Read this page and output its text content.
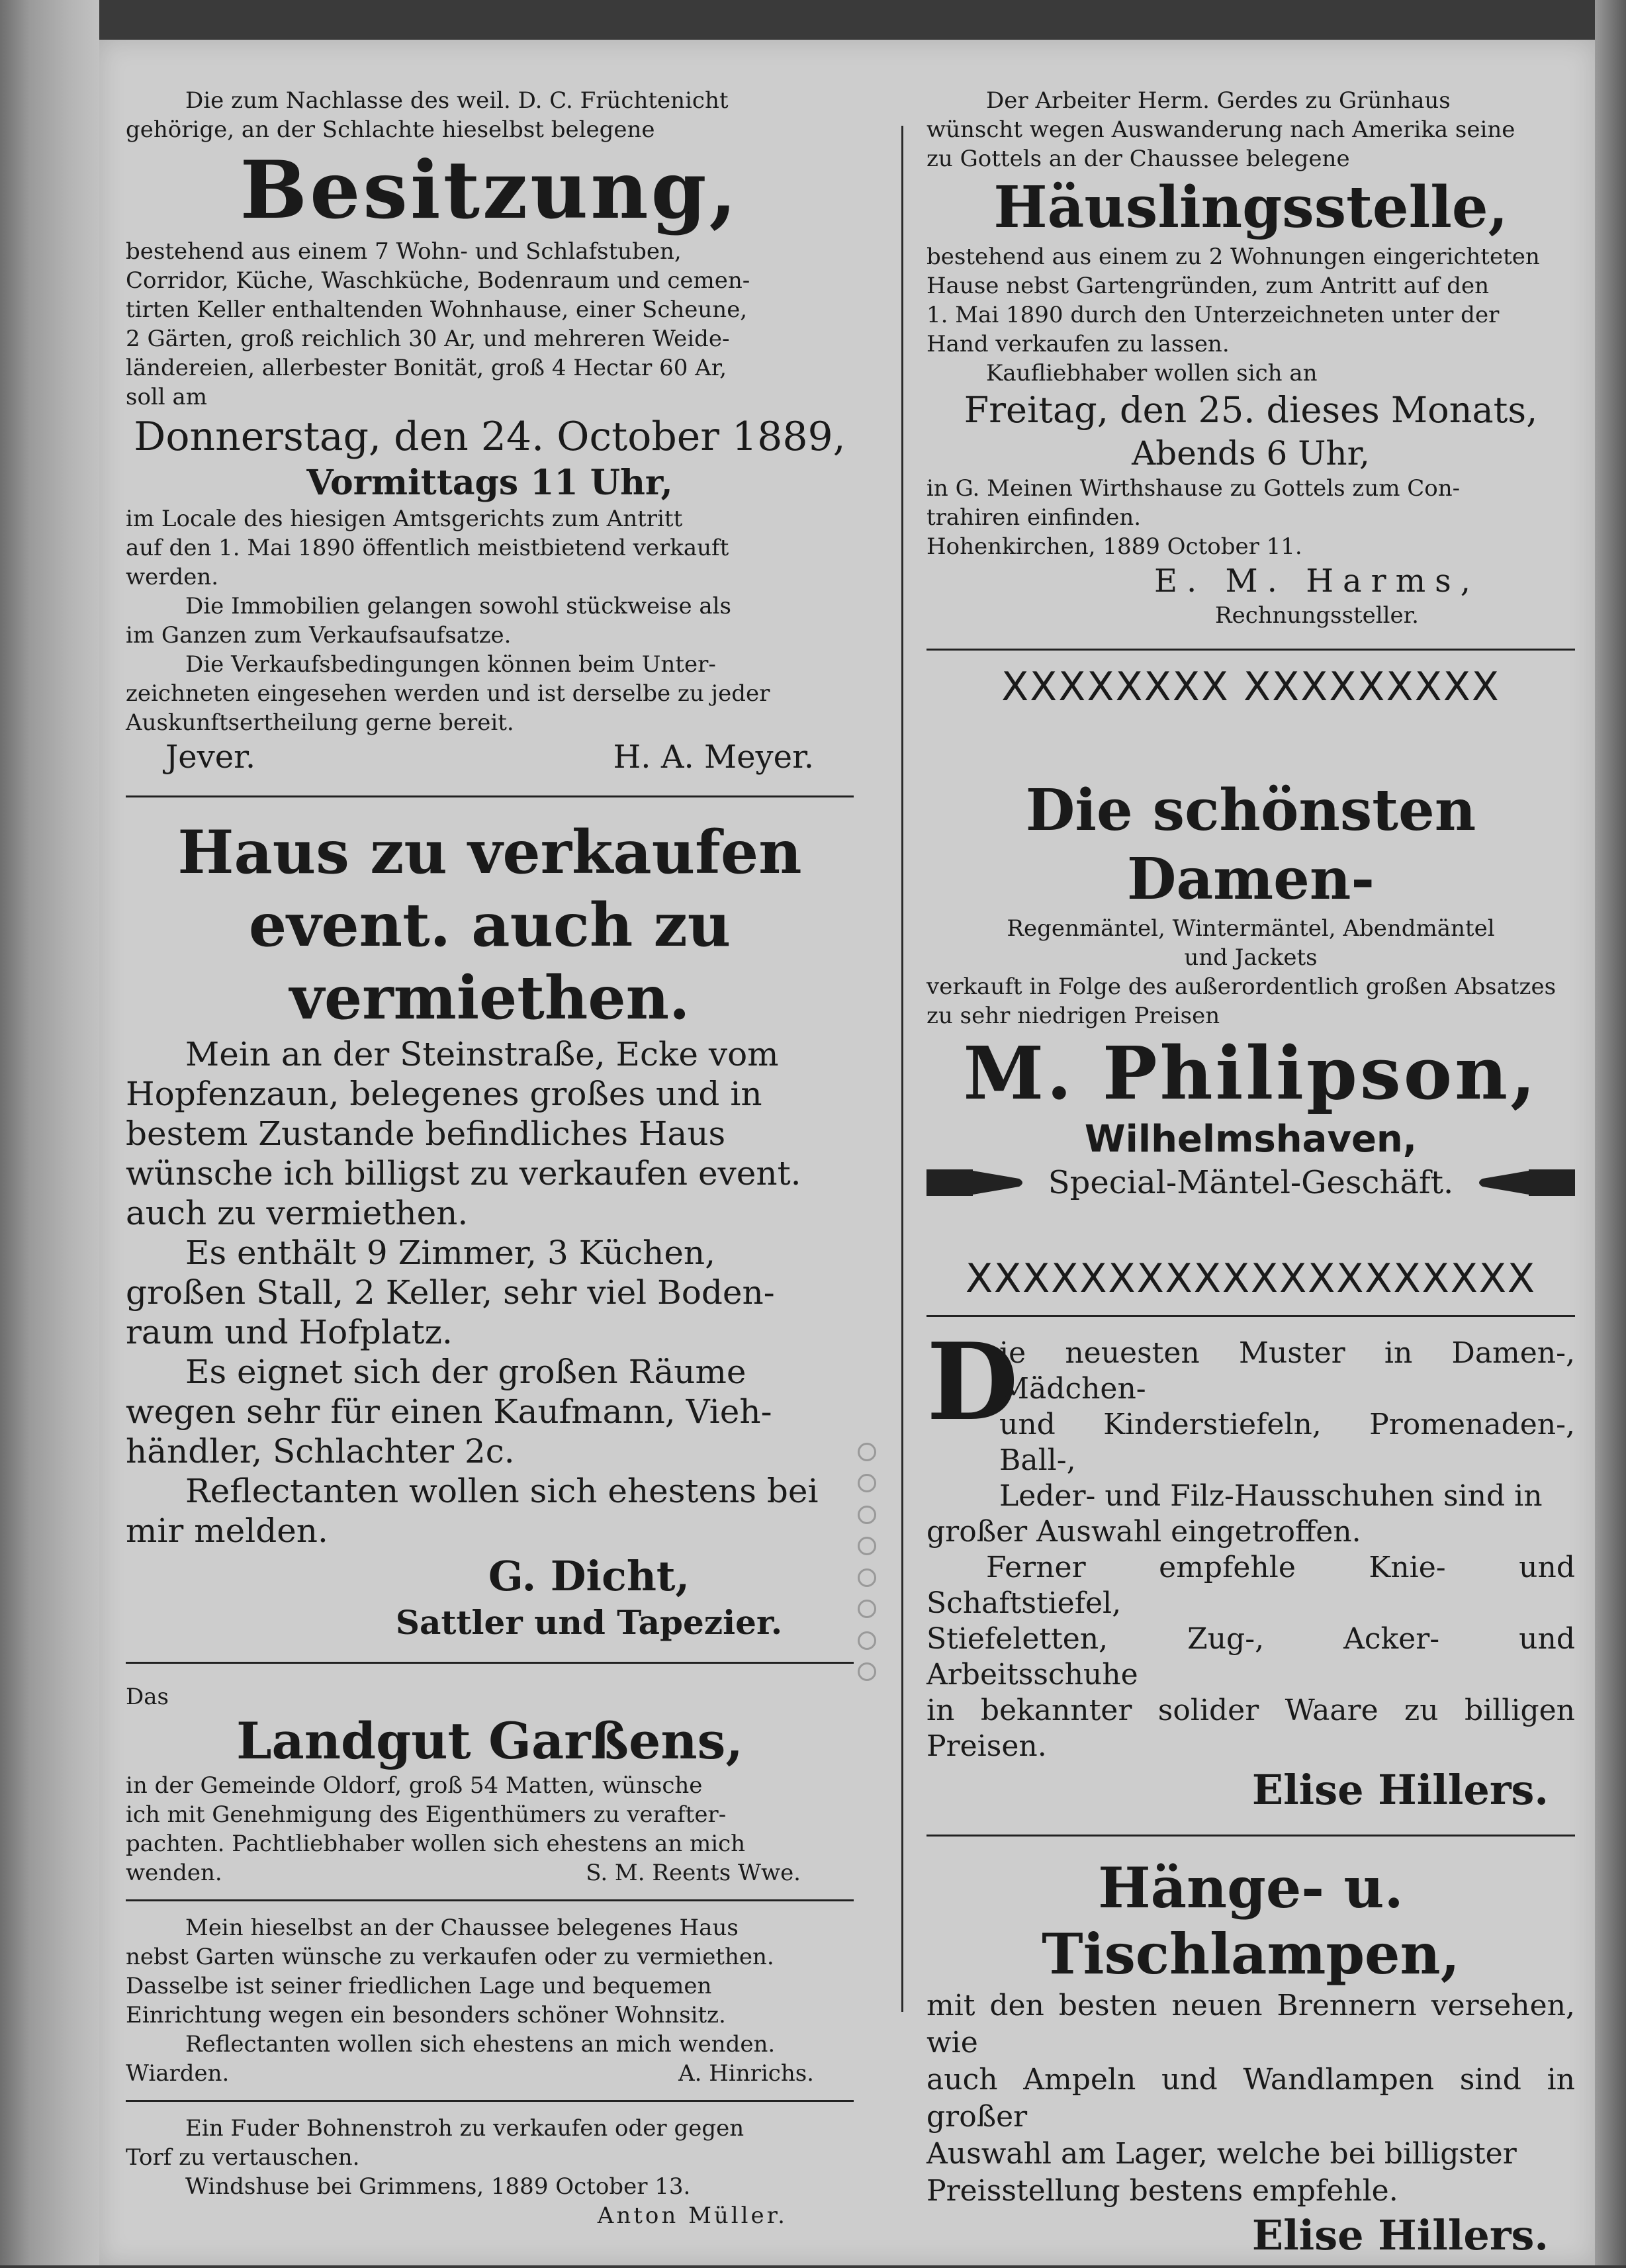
Die zum Nachlasse des weil. D. C. Früchtenicht
gehörige, an der Schlachte hieselbst belegene
Besitzung,
bestehend aus einem 7 Wohn- und Schlafstuben,
Corridor, Küche, Waschküche, Bodenraum und cemen-
tirten Keller enthaltenden Wohnhause, einer Scheune,
2 Gärten, groß reichlich 30 Ar, und mehreren Weide-
ländereien, allerbester Bonität, groß 4 Hectar 60 Ar,
soll am
Donnerstag, den 24. October 1889,
Vormittags 11 Uhr,
im Locale des hiesigen Amtsgerichts zum Antritt
auf den 1. Mai 1890 öffentlich meistbietend verkauft
werden.
Die Immobilien gelangen sowohl stückweise als
im Ganzen zum Verkaufsaufsatze.
Die Verkaufsbedingungen können beim Unter-
zeichneten eingesehen werden und ist derselbe zu jeder
Auskunftsertheilung gerne bereit.
Jever.	H. A. Meyer.
Haus zu verkaufen
event. auch zu vermiethen.
Mein an der Steinstraße, Ecke vom
Hopfenzaun, belegenes großes und in
bestem Zustande befindliches Haus
wünsche ich billigst zu verkaufen event.
auch zu vermiethen.
Es enthält 9 Zimmer, 3 Küchen,
großen Stall, 2 Keller, sehr viel Boden-
raum und Hofplatz.
Es eignet sich der großen Räume
wegen sehr für einen Kaufmann, Vieh-
händler, Schlachter 2c.
Reflectanten wollen sich ehestens bei
mir melden.
G. Dicht,
Sattler und Tapezier.
Das
Landgut Garßens,
in der Gemeinde Oldorf, groß 54 Matten, wünsche
ich mit Genehmigung des Eigenthümers zu verafter-
pachten. Pachtliebhaber wollen sich ehestens an mich
wenden.	S. M. Reents Wwe.
Mein hieselbst an der Chaussee belegenes Haus
nebst Garten wünsche zu verkaufen oder zu vermiethen.
Dasselbe ist seiner friedlichen Lage und bequemen
Einrichtung wegen ein besonders schöner Wohnsitz.
Reflectanten wollen sich ehestens an mich wenden.
Wiarden.	A. Hinrichs.
Ein Fuder Bohnenstroh zu verkaufen oder gegen
Torf zu vertauschen.
Windshuse bei Grimmens, 1889 October 13.
Anton Müller.
Der Arbeiter Herm. Gerdes zu Grünhaus
wünscht wegen Auswanderung nach Amerika seine
zu Gottels an der Chaussee belegene
Häuslingsstelle,
bestehend aus einem zu 2 Wohnungen eingerichteten
Hause nebst Gartengründen, zum Antritt auf den
1. Mai 1890 durch den Unterzeichneten unter der
Hand verkaufen zu lassen.
Kaufliebhaber wollen sich an
Freitag, den 25. dieses Monats,
Abends 6 Uhr,
in G. Meinen Wirthshause zu Gottels zum Con-
trahiren einfinden.
Hohenkirchen, 1889 October 11.
E. M. Harms,
Rechnungssteller.
XXXXXXXX XXXXXXXXX
Die schönsten Damen-
Regenmäntel, Wintermäntel, Abendmäntel
und Jackets
verkauft in Folge des außerordentlich großen Absatzes
zu sehr niedrigen Preisen
M. Philipson,
Wilhelmshaven,
Special-Mäntel-Geschäft.
XXXXXXXXXXXXXXXXXXXX
D
ie neuesten Muster in Damen-, Mädchen-
und Kinderstiefeln, Promenaden-, Ball-,
Leder- und Filz-Hausschuhen sind in
großer Auswahl eingetroffen.
Ferner empfehle Knie- und Schaftstiefel,
Stiefeletten, Zug-, Acker- und Arbeitsschuhe
in bekannter solider Waare zu billigen Preisen.
Elise Hillers.
Hänge- u. Tischlampen,
mit den besten neuen Brennern versehen, wie
auch Ampeln und Wandlampen sind in großer
Auswahl am Lager, welche bei billigster
Preisstellung bestens empfehle.
Elise Hillers.
